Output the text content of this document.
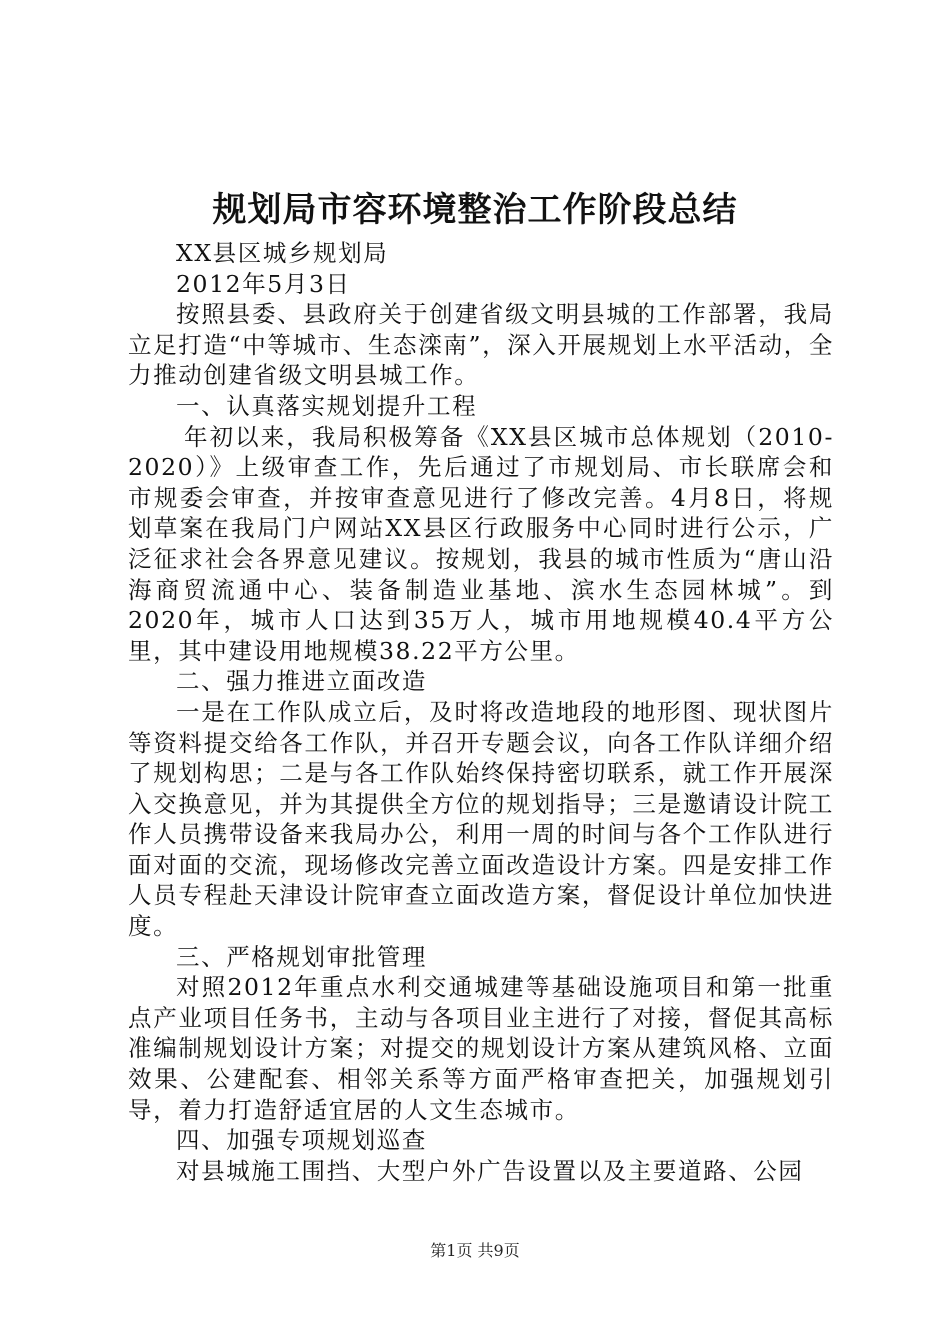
规划局市容环境整治工作阶段总结

XX县区城乡规划局

2012年5月3日

按照县委、县政府关于创建省级文明县城的工作部署，我局立足打造“中等城市、生态滦南”，深入开展规划上水平活动，全力推动创建省级文明县城工作。

一、认真落实规划提升工程

年初以来，我局积极筹备《XX县区城市总体规划（2010-2020）》上级审查工作，先后通过了市规划局、市长联席会和市规委会审查，并按审查意见进行了修改完善。4月8日，将规划草案在我局门户网站XX县区行政服务中心同时进行公示，广泛征求社会各界意见建议。按规划，我县的城市性质为“唐山沿海商贸流通中心、装备制造业基地、滨水生态园林城”。到2020年，城市人口达到35万人，城市用地规模40.4平方公里，其中建设用地规模38.22平方公里。

二、强力推进立面改造

一是在工作队成立后，及时将改造地段的地形图、现状图片等资料提交给各工作队，并召开专题会议，向各工作队详细介绍了规划构思；二是与各工作队始终保持密切联系，就工作开展深入交换意见，并为其提供全方位的规划指导；三是邀请设计院工作人员携带设备来我局办公，利用一周的时间与各个工作队进行面对面的交流，现场修改完善立面改造设计方案。四是安排工作人员专程赴天津设计院审查立面改造方案，督促设计单位加快进度。

三、严格规划审批管理

对照2012年重点水利交通城建等基础设施项目和第一批重点产业项目任务书，主动与各项目业主进行了对接，督促其高标准编制规划设计方案；对提交的规划设计方案从建筑风格、立面效果、公建配套、相邻关系等方面严格审查把关，加强规划引导，着力打造舒适宜居的人文生态城市。

四、加强专项规划巡查

对县城施工围挡、大型户外广告设置以及主要道路、公园

第1页 共9页
